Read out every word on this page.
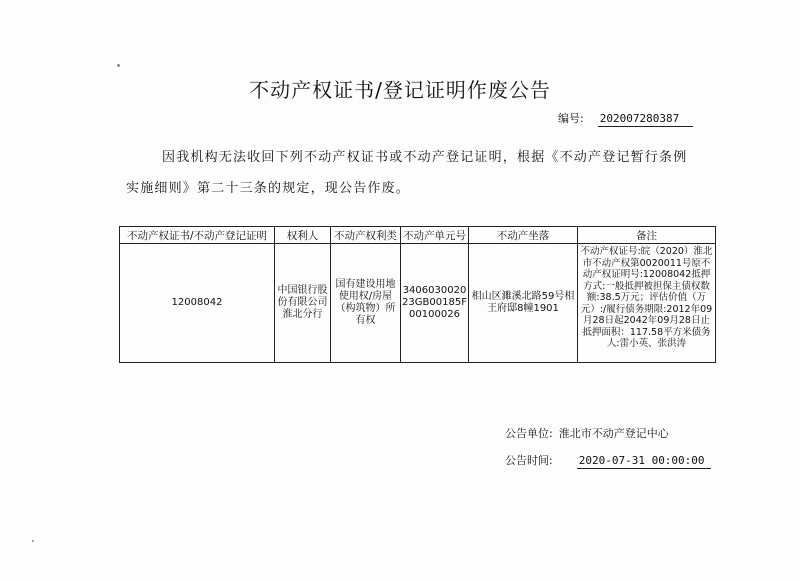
不动产权证书/登记证明作废公告
编号: 202007280387
因我机构无法收回下列不动产权证书或不动产登记证明，根据《不动产登记暂行条例
实施细则》第二十三条的规定，现公告作废。
不动产权证书/不动产登记证明	权利人	不动产权利类	不动产单元号	不动产坐落	备注
12008042	中国银行股份有限公司淮北分行	国有建设用地使用权/房屋（构筑物）所有权	340603002023GB00185F00100026	相山区濉溪北路59号相王府邸8幢1901	不动产权证号:皖（2020）淮北市不动产权第0020011号原不动产权证明号:12008042抵押方式:一般抵押被担保主债权数额:38.5万元；评估价值（万元）:/履行债务期限:2012年09月28日起2042年09月28日止抵押面积：117.58平方米债务人:雷小英、张洪涛
公告单位: 淮北市不动产登记中心
公告时间: 2020-07-31 00:00:00
